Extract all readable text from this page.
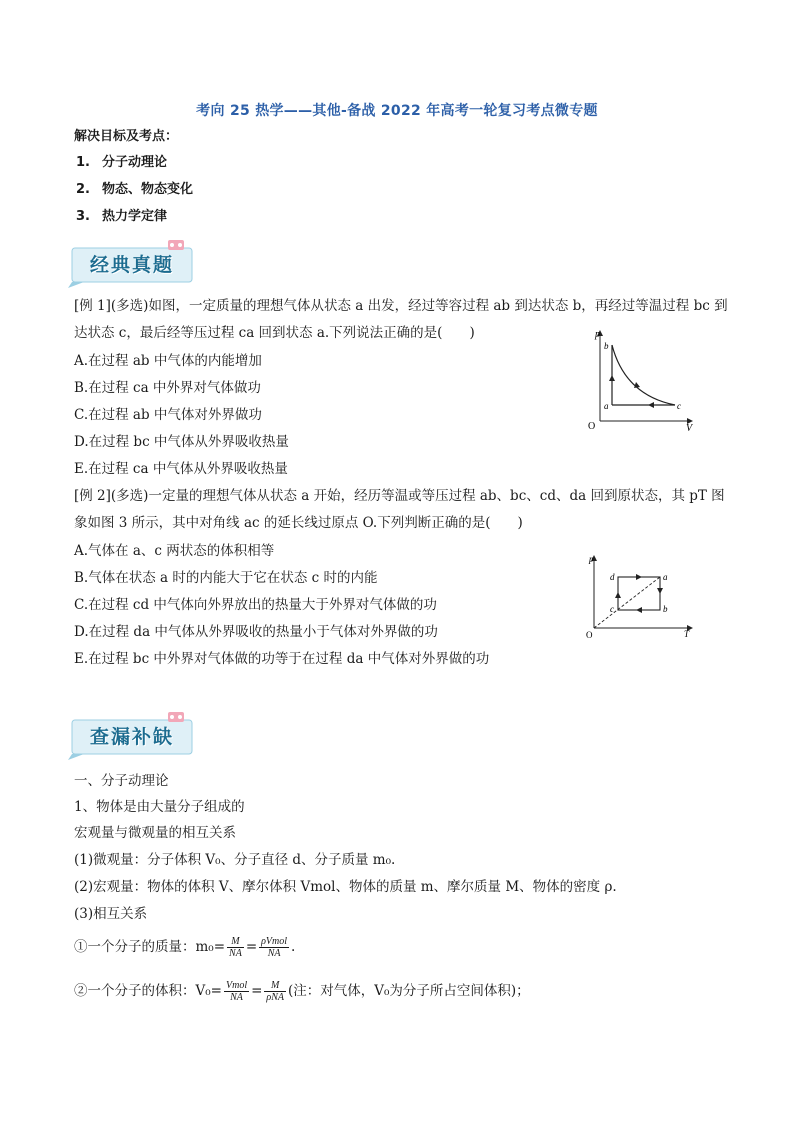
考向 25 热学——其他-备战 2022 年高考一轮复习考点微专题
解决目标及考点：
1. 分子动理论
2. 物态、物态变化
3. 热力学定律
经典真题
[例 1](多选)如图，一定质量的理想气体从状态 a 出发，经过等容过程 ab 到达状态 b，再经过等温过程 bc 到
达状态 c，最后经等压过程 ca 回到状态 a.下列说法正确的是(　　)
A.在过程 ab 中气体的内能增加
B.在过程 ca 中外界对气体做功
C.在过程 ab 中气体对外界做功
D.在过程 bc 中气体从外界吸收热量
E.在过程 ca 中气体从外界吸收热量
p
V
O
b
a	c
[例 2](多选)一定量的理想气体从状态 a 开始，经历等温或等压过程 ab、bc、cd、da 回到原状态，其 pT 图
象如图 3 所示，其中对角线 ac 的延长线过原点 O.下列判断正确的是(　　)
A.气体在 a、c 两状态的体积相等
B.气体在状态 a 时的内能大于它在状态 c 时的内能
C.在过程 cd 中气体向外界放出的热量大于外界对气体做的功
D.在过程 da 中气体从外界吸收的热量小于气体对外界做的功
E.在过程 bc 中外界对气体做的功等于在过程 da 中气体对外界做的功
p
T
O
d	a
c	b
查漏补缺
一、分子动理论
1、物体是由大量分子组成的
宏观量与微观量的相互关系
(1)微观量：分子体积 V₀、分子直径 d、分子质量 m₀.
(2)宏观量：物体的体积 V、摩尔体积 Vmol、物体的质量 m、摩尔质量 M、物体的密度 ρ.
(3)相互关系
①一个分子的质量：$m_0= \frac{M}{NA} = \frac{\text{ρVmol}}{NA}$ .
②一个分子的体积：$V_0= \frac{\text{Vmol}}{NA} = \frac{M}{\text{ρNA}}$ (注：对气体，V₀为分子所占空间体积)；
